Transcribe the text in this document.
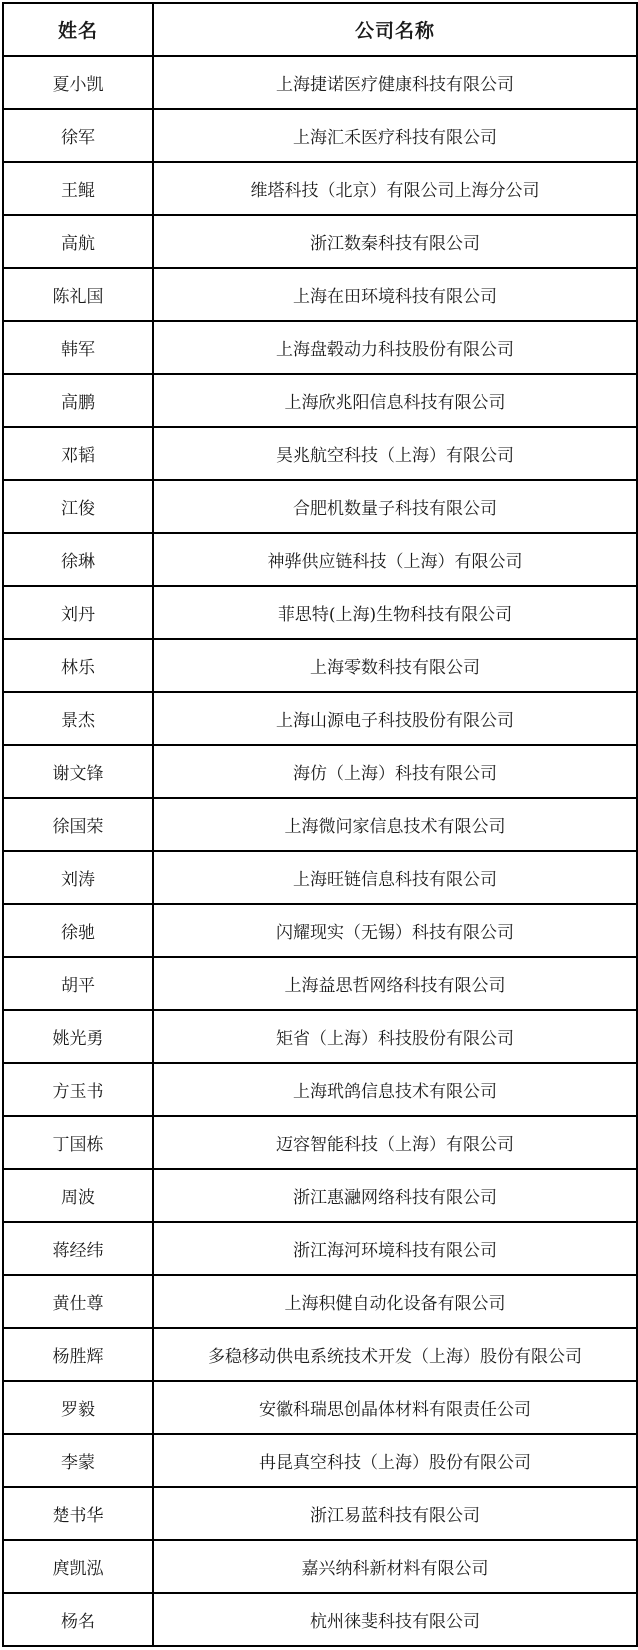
姓名	公司名称
夏小凯	上海捷诺医疗健康科技有限公司
徐军	上海汇禾医疗科技有限公司
王鲲	维塔科技（北京）有限公司上海分公司
高航	浙江数秦科技有限公司
陈礼国	上海在田环境科技有限公司
韩军	上海盘毂动力科技股份有限公司
高鹏	上海欣兆阳信息科技有限公司
邓韬	昊兆航空科技（上海）有限公司
江俊	合肥机数量子科技有限公司
徐琳	神骅供应链科技（上海）有限公司
刘丹	菲思特(上海)生物科技有限公司
林乐	上海零数科技有限公司
景杰	上海山源电子科技股份有限公司
谢文锋	海仿（上海）科技有限公司
徐国荣	上海微问家信息技术有限公司
刘涛	上海旺链信息科技有限公司
徐驰	闪耀现实（无锡）科技有限公司
胡平	上海益思哲网络科技有限公司
姚光勇	矩省（上海）科技股份有限公司
方玉书	上海玳鸽信息技术有限公司
丁国栋	迈容智能科技（上海）有限公司
周波	浙江惠瀜网络科技有限公司
蒋经纬	浙江海河环境科技有限公司
黄仕尊	上海积健自动化设备有限公司
杨胜辉	多稳移动供电系统技术开发（上海）股份有限公司
罗毅	安徽科瑞思创晶体材料有限责任公司
李蒙	冉昆真空科技（上海）股份有限公司
楚书华	浙江易蓝科技有限公司
庹凯泓	嘉兴纳科新材料有限公司
杨名	杭州徕斐科技有限公司
